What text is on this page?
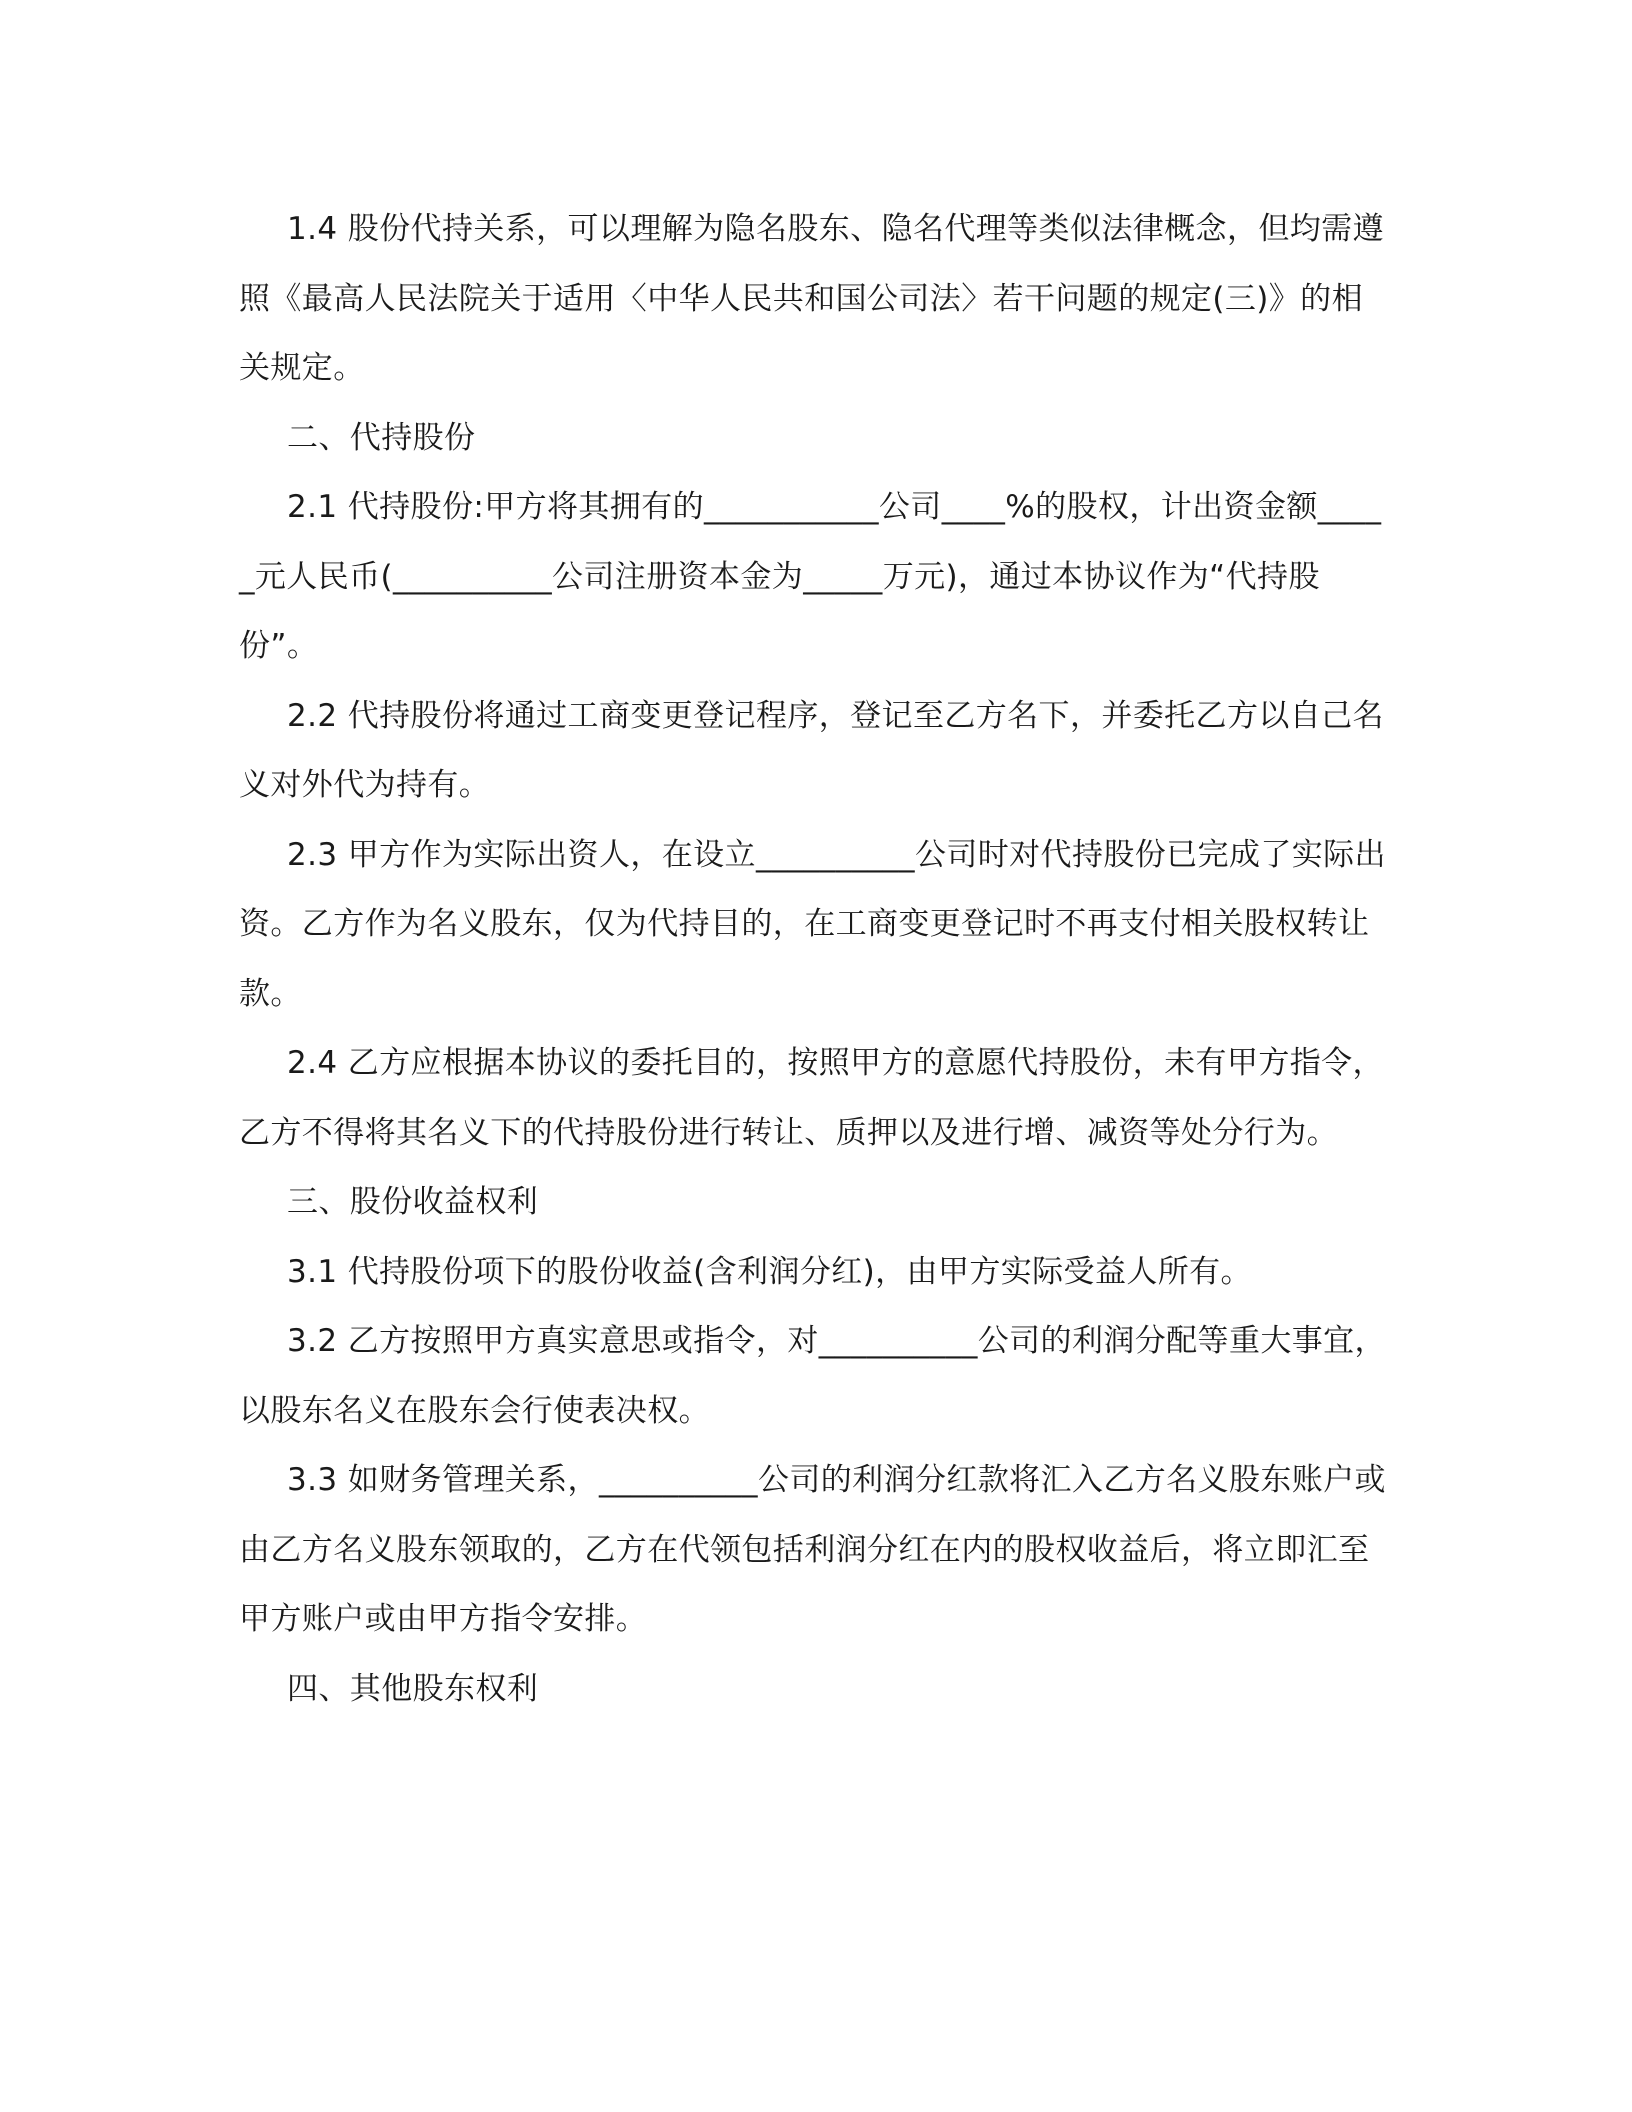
1.4 股份代持关系，可以理解为隐名股东、隐名代理等类似法律概念，但均需遵照《最高人民法院关于适用〈中华人民共和国公司法〉若干问题的规定(三)》的相关规定。

二、代持股份

2.1 代持股份:甲方将其拥有的___________公司____%的股权，计出资金额_____元人民币(__________公司注册资本金为_____万元)，通过本协议作为“代持股份”。

2.2 代持股份将通过工商变更登记程序，登记至乙方名下，并委托乙方以自己名义对外代为持有。

2.3 甲方作为实际出资人，在设立__________公司时对代持股份已完成了实际出资。乙方作为名义股东，仅为代持目的，在工商变更登记时不再支付相关股权转让款。

2.4 乙方应根据本协议的委托目的，按照甲方的意愿代持股份，未有甲方指令，乙方不得将其名义下的代持股份进行转让、质押以及进行增、减资等处分行为。

三、股份收益权利

3.1 代持股份项下的股份收益(含利润分红)，由甲方实际受益人所有。

3.2 乙方按照甲方真实意思或指令，对__________公司的利润分配等重大事宜，以股东名义在股东会行使表决权。

3.3 如财务管理关系，__________公司的利润分红款将汇入乙方名义股东账户或由乙方名义股东领取的，乙方在代领包括利润分红在内的股权收益后，将立即汇至甲方账户或由甲方指令安排。

四、其他股东权利
